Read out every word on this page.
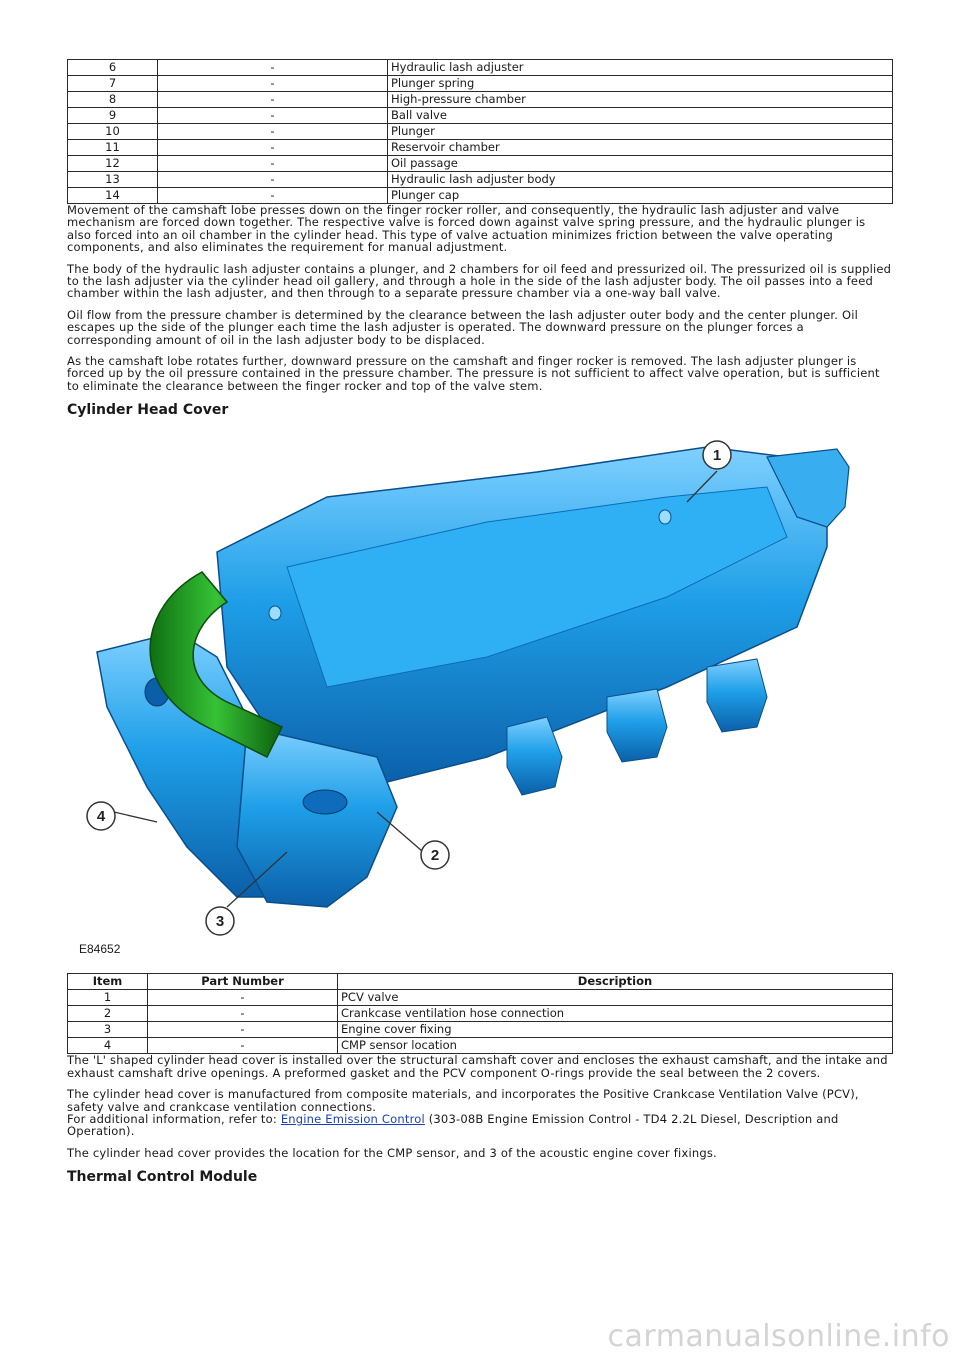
6	-	Hydraulic lash adjuster
7	-	Plunger spring
8	-	High-pressure chamber
9	-	Ball valve
10	-	Plunger
11	-	Reservoir chamber
12	-	Oil passage
13	-	Hydraulic lash adjuster body
14	-	Plunger cap

Movement of the camshaft lobe presses down on the finger rocker roller, and consequently, the hydraulic lash adjuster and valve mechanism are forced down together. The respective valve is forced down against valve spring pressure, and the hydraulic plunger is also forced into an oil chamber in the cylinder head. This type of valve actuation minimizes friction between the valve operating components, and also eliminates the requirement for manual adjustment.

The body of the hydraulic lash adjuster contains a plunger, and 2 chambers for oil feed and pressurized oil. The pressurized oil is supplied to the lash adjuster via the cylinder head oil gallery, and through a hole in the side of the lash adjuster body. The oil passes into a feed chamber within the lash adjuster, and then through to a separate pressure chamber via a one-way ball valve.

Oil flow from the pressure chamber is determined by the clearance between the lash adjuster outer body and the center plunger. Oil escapes up the side of the plunger each time the lash adjuster is operated. The downward pressure on the plunger forces a corresponding amount of oil in the lash adjuster body to be displaced.

As the camshaft lobe rotates further, downward pressure on the camshaft and finger rocker is removed. The lash adjuster plunger is forced up by the oil pressure contained in the pressure chamber. The pressure is not sufficient to affect valve operation, but is sufficient to eliminate the clearance between the finger rocker and top of the valve stem.

Cylinder Head Cover
1
2
3
4
E84652
Item	Part Number	Description
1	-	PCV valve
2	-	Crankcase ventilation hose connection
3	-	Engine cover fixing
4	-	CMP sensor location

The 'L' shaped cylinder head cover is installed over the structural camshaft cover and encloses the exhaust camshaft, and the intake and exhaust camshaft drive openings. A preformed gasket and the PCV component O-rings provide the seal between the 2 covers.

The cylinder head cover is manufactured from composite materials, and incorporates the Positive Crankcase Ventilation Valve (PCV), safety valve and crankcase ventilation connections.
For additional information, refer to: Engine Emission Control (303-08B Engine Emission Control - TD4 2.2L Diesel, Description and Operation).

The cylinder head cover provides the location for the CMP sensor, and 3 of the acoustic engine cover fixings.

Thermal Control Module
carmanualsonline.info
